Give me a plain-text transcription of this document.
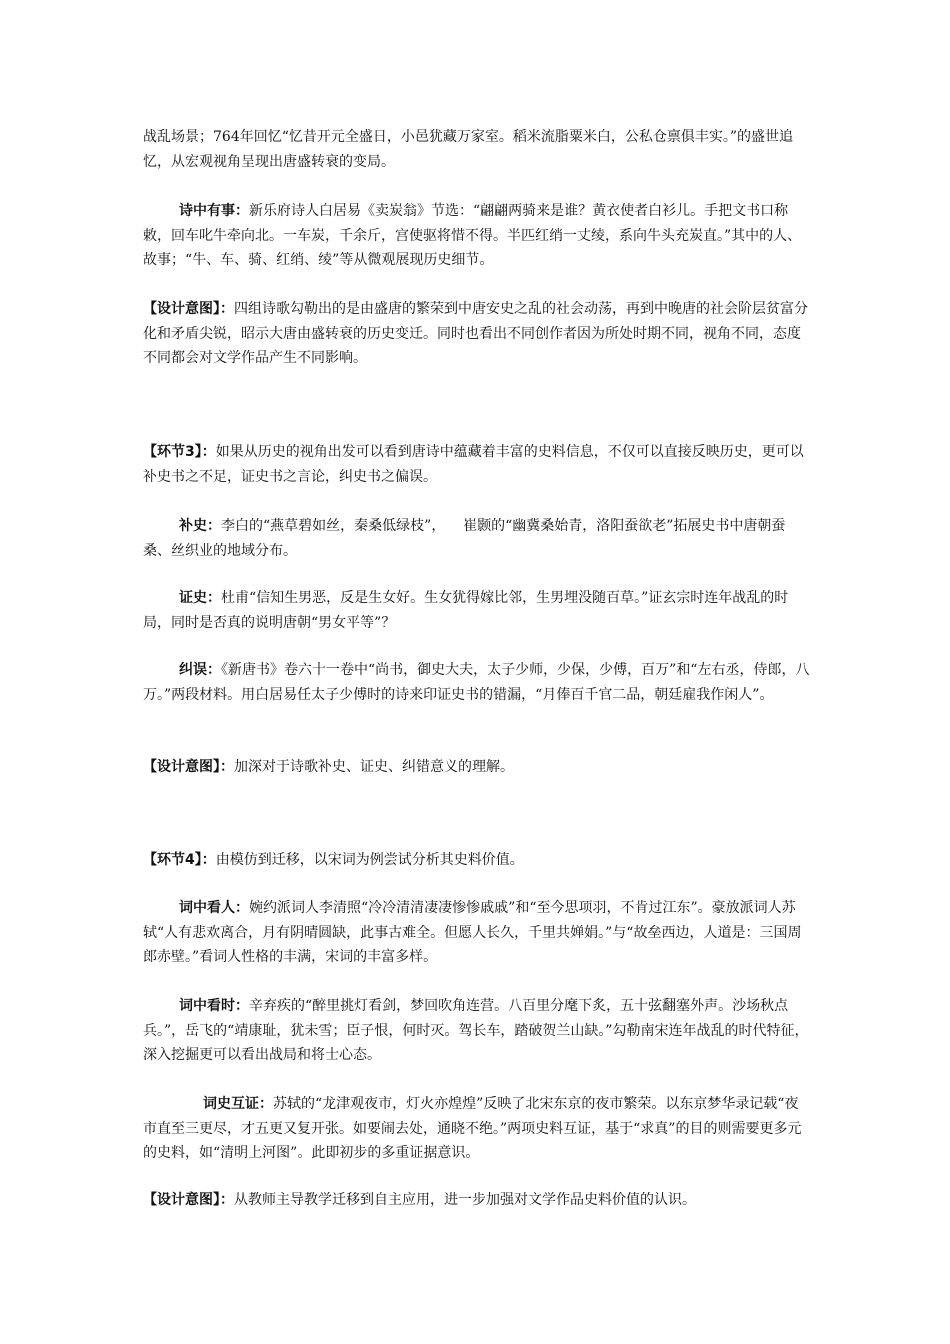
战乱场景；764年回忆“忆昔开元全盛日，小邑犹藏万家室。稻米流脂粟米白，公私仓禀俱丰实。”的盛世追忆，从宏观视角呈现出唐盛转衰的变局。

诗中有事：新乐府诗人白居易《卖炭翁》节选：“翩翩两骑来是谁？黄衣使者白衫儿。手把文书口称敕，回车叱牛牵向北。一车炭，千余斤，宫使驱将惜不得。半匹红绡一丈绫，系向牛头充炭直。”其中的人、故事；“牛、车、骑、红绡、绫”等从微观展现历史细节。

【设计意图】：四组诗歌勾勒出的是由盛唐的繁荣到中唐安史之乱的社会动荡，再到中晚唐的社会阶层贫富分化和矛盾尖锐，昭示大唐由盛转衰的历史变迁。同时也看出不同创作者因为所处时期不同，视角不同，态度不同都会对文学作品产生不同影响。

【环节3】：如果从历史的视角出发可以看到唐诗中蕴藏着丰富的史料信息，不仅可以直接反映历史，更可以补史书之不足，证史书之言论，纠史书之偏误。

补史：李白的“燕草碧如丝，秦桑低绿枝”，    崔颢的“幽冀桑始青，洛阳蚕欲老”拓展史书中唐朝蚕桑、丝织业的地域分布。

证史：杜甫“信知生男恶，反是生女好。生女犹得嫁比邻，生男埋没随百草。”证玄宗时连年战乱的时局，同时是否真的说明唐朝“男女平等”？

纠误：《新唐书》卷六十一卷中“尚书，御史大夫，太子少师，少保，少傅，百万”和“左右丞，侍郎，八万。”两段材料。用白居易任太子少傅时的诗来印证史书的错漏，“月俸百千官二品，朝廷雇我作闲人”。

【设计意图】：加深对于诗歌补史、证史、纠错意义的理解。

【环节4】：由模仿到迁移，以宋词为例尝试分析其史料价值。

词中看人：婉约派词人李清照“冷冷清清凄凄惨惨戚戚”和“至今思项羽，不肯过江东”。豪放派词人苏轼“人有悲欢离合，月有阴晴圆缺，此事古难全。但愿人长久，千里共婵娟。”与“故垒西边，人道是：三国周郎赤壁。”看词人性格的丰满，宋词的丰富多样。

词中看时：辛弃疾的“醉里挑灯看剑，梦回吹角连营。八百里分麾下炙，五十弦翻塞外声。沙场秋点兵。”，岳飞的“靖康耻，犹未雪；臣子恨，何时灭。驾长车，踏破贺兰山缺。”勾勒南宋连年战乱的时代特征，深入挖掘更可以看出战局和将士心态。

词史互证：苏轼的“龙津观夜市，灯火亦煌煌”反映了北宋东京的夜市繁荣。以东京梦华录记载“夜市直至三更尽，才五更又复开张。如要闹去处，通晓不绝。”两项史料互证，基于“求真”的目的则需要更多元的史料，如“清明上河图”。此即初步的多重证据意识。

【设计意图】：从教师主导教学迁移到自主应用，进一步加强对文学作品史料价值的认识。
